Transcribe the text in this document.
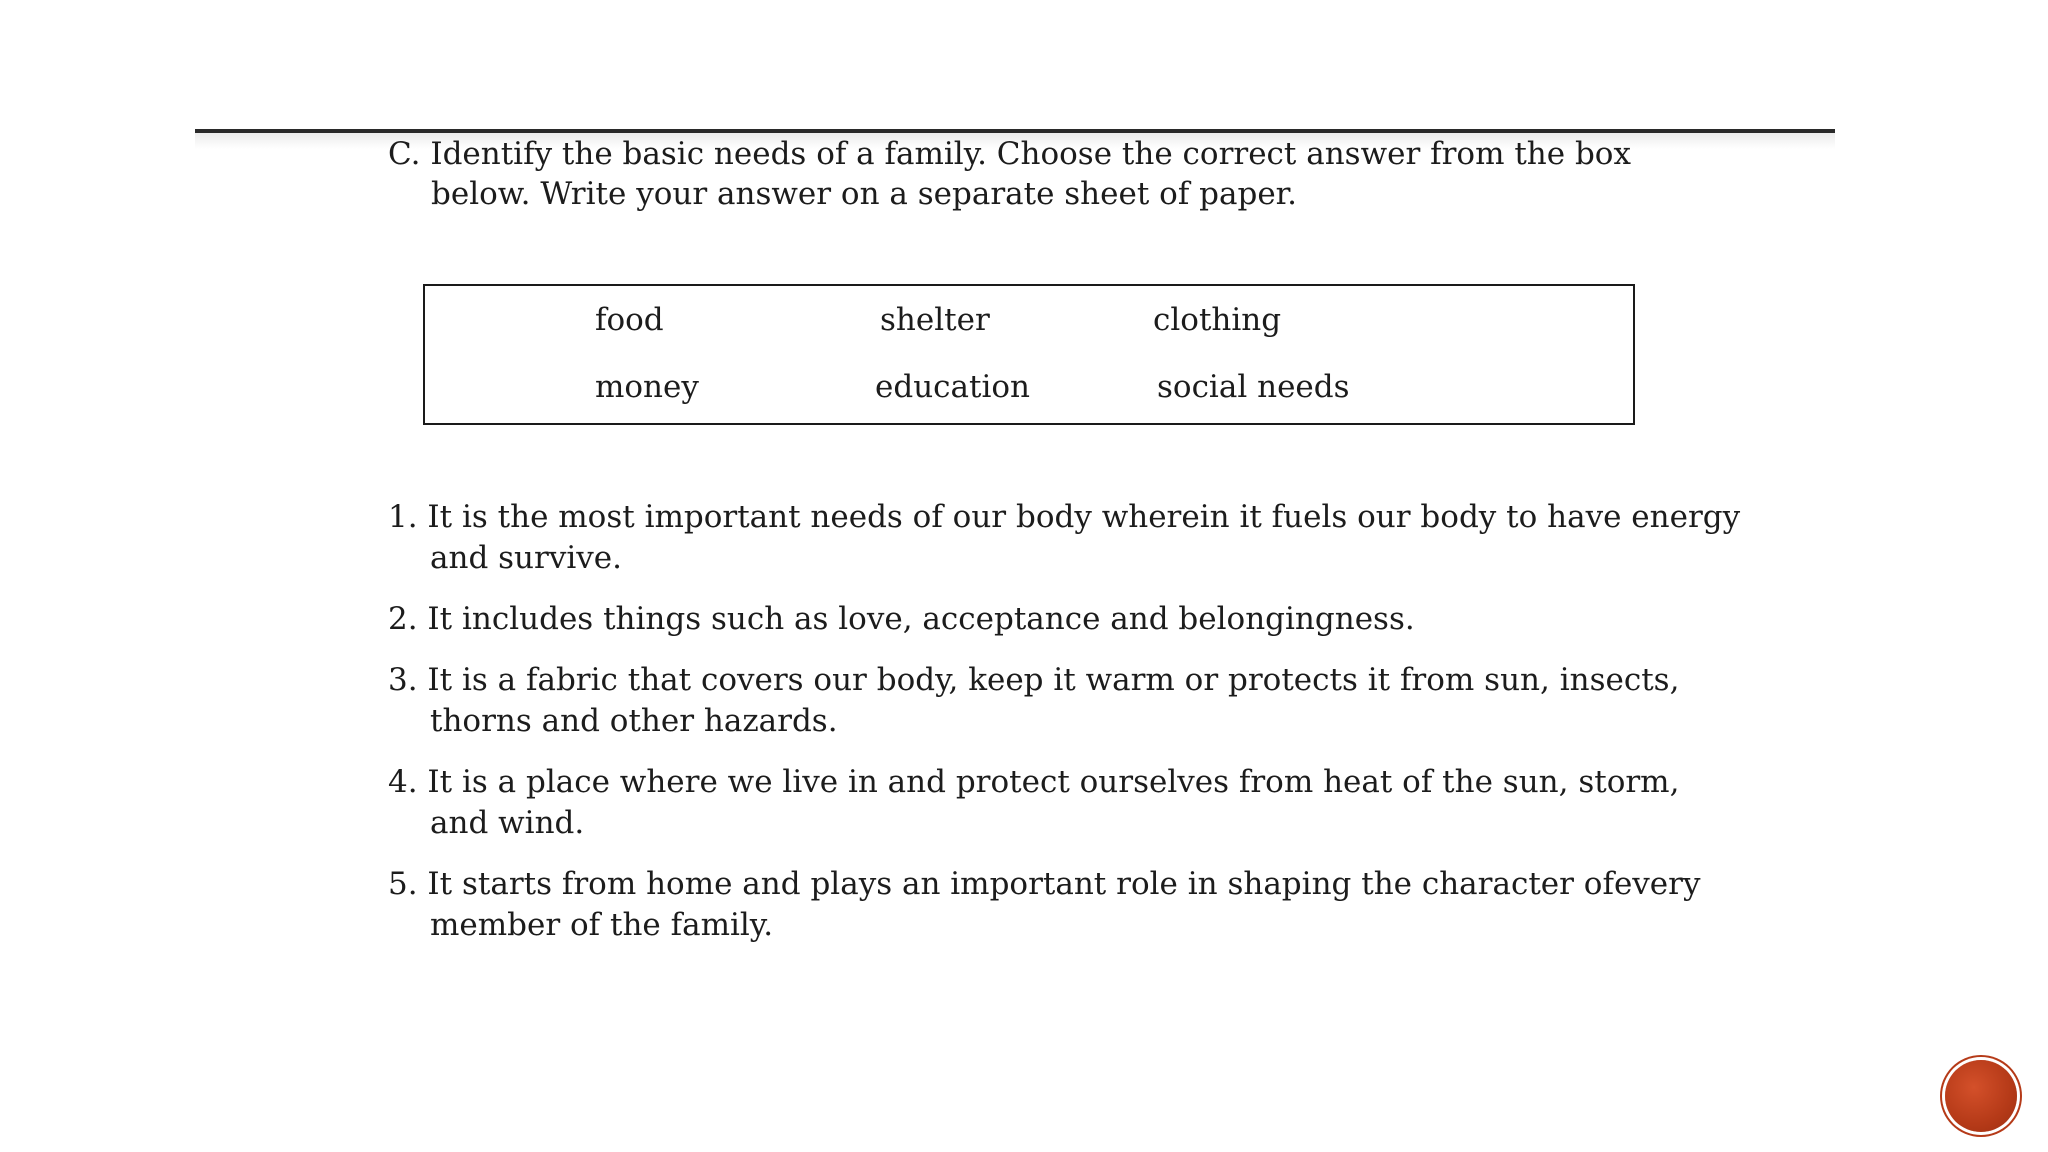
C. Identify the basic needs of a family. Choose the correct answer from the box
below. Write your answer on a separate sheet of paper.
food	shelter	clothing
money	education	social needs
1. It is the most important needs of our body wherein it fuels our body to have energy
and survive.
2. It includes things such as love, acceptance and belongingness.
3. It is a fabric that covers our body, keep it warm or protects it from sun, insects,
thorns and other hazards.
4. It is a place where we live in and protect ourselves from heat of the sun, storm,
and wind.
5. It starts from home and plays an important role in shaping the character ofevery
member of the family.
